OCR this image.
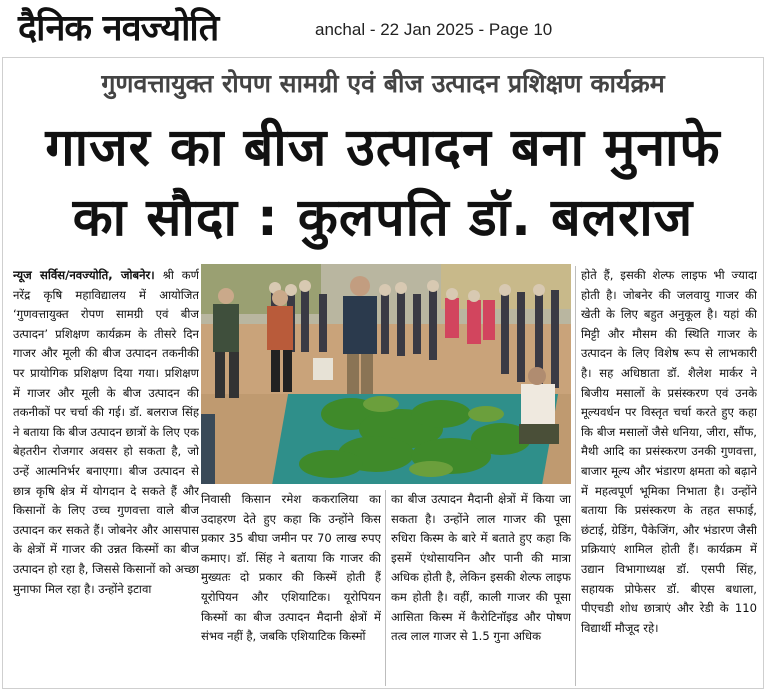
दैनिक नवज्योति	anchal - 22 Jan 2025 - Page 10
गुणवत्तायुक्त रोपण सामग्री एवं बीज उत्पादन प्रशिक्षण कार्यक्रम
गाजर का बीज उत्पादन बना मुनाफे
का सौदा : कुलपति डॉ. बलराज
न्यूज सर्विस/नवज्योति, जोबनेर। श्री कर्ण नरेंद्र कृषि महाविद्यालय में आयोजित ‘गुणवत्तायुक्त रोपण सामग्री एवं बीज उत्पादन’ प्रशिक्षण कार्यक्रम के तीसरे दिन गाजर और मूली की बीज उत्पादन तकनीकी पर प्रायोगिक प्रशिक्षण दिया गया। प्रशिक्षण में गाजर और मूली के बीज उत्पादन की तकनीकों पर चर्चा की गई। डॉ. बलराज सिंह ने बताया कि बीज उत्पादन छात्रों के लिए एक बेहतरीन रोजगार अवसर हो सकता है, जो उन्हें आत्मनिर्भर बनाएगा। बीज उत्पादन से छात्र कृषि क्षेत्र में योगदान दे सकते हैं और किसानों के लिए उच्च गुणवत्ता वाले बीज उत्पादन कर सकते हैं। जोबनेर और आसपास के क्षेत्रों में गाजर की उन्नत किस्मों का बीज उत्पादन हो रहा है, जिससे किसानों को अच्छा मुनाफा मिल रहा है। उन्होंने इटावा
निवासी किसान रमेश ककरालिया का उदाहरण देते हुए कहा कि उन्होंने किस प्रकार 35 बीघा जमीन पर 70 लाख रुपए कमाए। डॉ. सिंह ने बताया कि गाजर की मुख्यतः दो प्रकार की किस्में होती हैं यूरोपियन और एशियाटिक। यूरोपियन किस्मों का बीज उत्पादन मैदानी क्षेत्रों में संभव नहीं है, जबकि एशियाटिक किस्मों
का बीज उत्पादन मैदानी क्षेत्रों में किया जा सकता है। उन्होंने लाल गाजर की पूसा रुधिरा किस्म के बारे में बताते हुए कहा कि इसमें एंथोसायनिन और पानी की मात्रा अधिक होती है, लेकिन इसकी शेल्फ लाइफ कम होती है। वहीं, काली गाजर की पूसा आसिता किस्म में कैरोटिनॉइड और पोषण तत्व लाल गाजर से 1.5 गुना अधिक
होते हैं, इसकी शेल्फ लाइफ भी ज्यादा होती है। जोबनेर की जलवायु गाजर की खेती के लिए बहुत अनुकूल है। यहां की मिट्टी और मौसम की स्थिति गाजर के उत्पादन के लिए विशेष रूप से लाभकारी है। सह अधिष्ठाता डॉ. शैलेश मार्कर ने बिजीय मसालों के प्रसंस्करण एवं उनके मूल्यवर्धन पर विस्तृत चर्चा करते हुए कहा कि बीज मसालों जैसे धनिया, जीरा, सौंफ, मैथी आदि का प्रसंस्करण उनकी गुणवत्ता, बाजार मूल्य और भंडारण क्षमता को बढ़ाने में महत्वपूर्ण भूमिका निभाता है। उन्होंने बताया कि प्रसंस्करण के तहत सफाई, छंटाई, ग्रेडिंग, पैकेजिंग, और भंडारण जैसी प्रक्रियाएं शामिल होती हैं। कार्यक्रम में उद्यान विभागाध्यक्ष डॉ. एसपी सिंह, सहायक प्रोफेसर डॉ. बीएस बधाला, पीएचडी शोध छात्राएं और रेडी के 110 विद्यार्थी मौजूद रहे।
